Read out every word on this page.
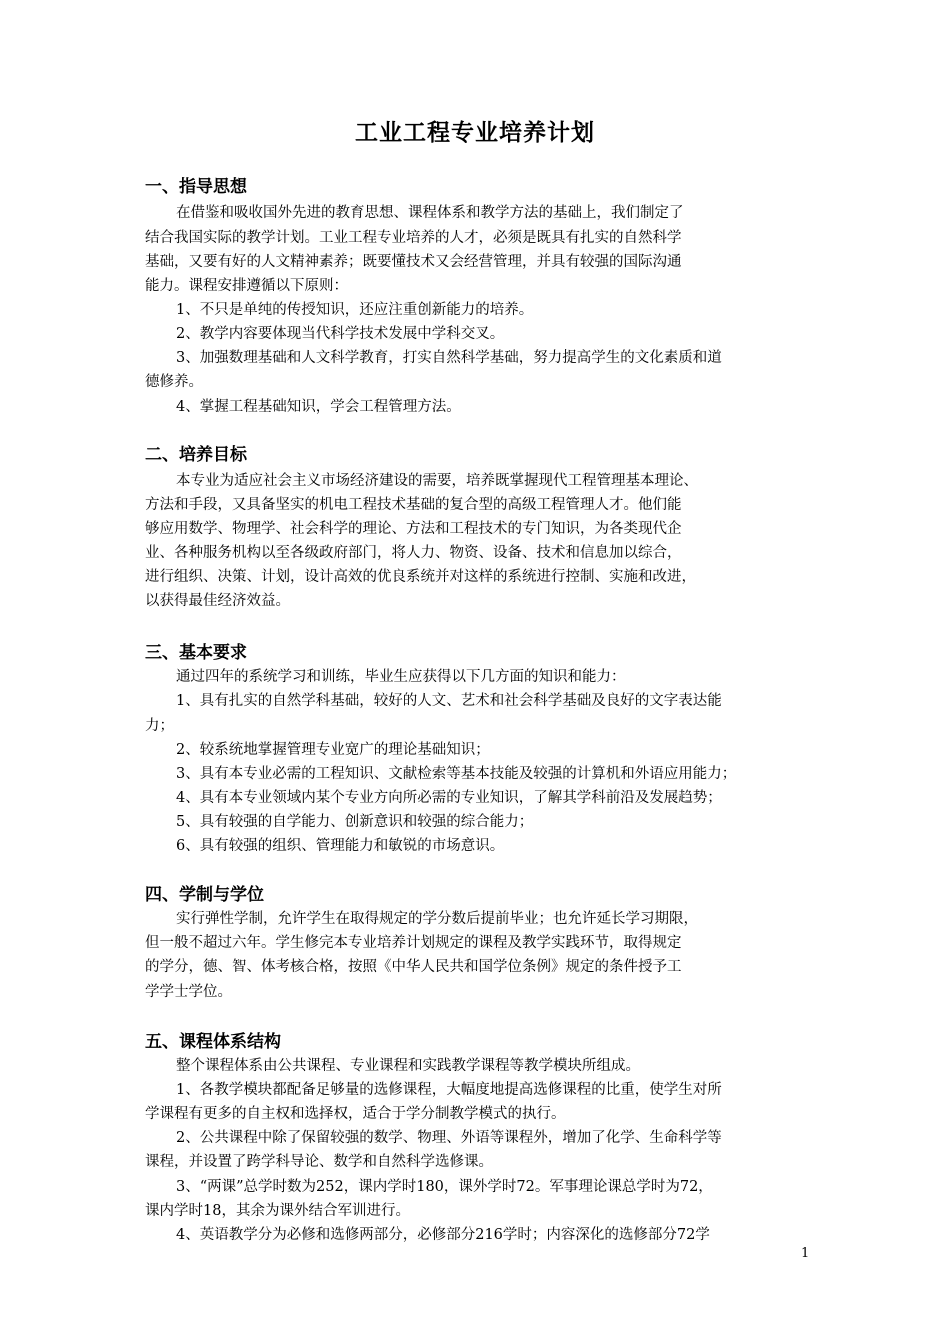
工业工程专业培养计划
一、指导思想

在借鉴和吸收国外先进的教育思想、课程体系和教学方法的基础上，我们制定了

结合我国实际的教学计划。工业工程专业培养的人才，必须是既具有扎实的自然科学

基础，又要有好的人文精神素养；既要懂技术又会经营管理，并具有较强的国际沟通

能力。课程安排遵循以下原则：

1、不只是单纯的传授知识，还应注重创新能力的培养。

2、教学内容要体现当代科学技术发展中学科交叉。

3、加强数理基础和人文科学教育，打实自然科学基础，努力提高学生的文化素质和道

德修养。

4、掌握工程基础知识，学会工程管理方法。

二、培养目标

本专业为适应社会主义市场经济建设的需要，培养既掌握现代工程管理基本理论、

方法和手段，又具备坚实的机电工程技术基础的复合型的高级工程管理人才。他们能

够应用数学、物理学、社会科学的理论、方法和工程技术的专门知识，为各类现代企

业、各种服务机构以至各级政府部门，将人力、物资、设备、技术和信息加以综合，

进行组织、决策、计划，设计高效的优良系统并对这样的系统进行控制、实施和改进，

以获得最佳经济效益。

三、基本要求

通过四年的系统学习和训练，毕业生应获得以下几方面的知识和能力：

1、具有扎实的自然学科基础，较好的人文、艺术和社会科学基础及良好的文字表达能

力；

2、较系统地掌握管理专业宽广的理论基础知识；

3、具有本专业必需的工程知识、文献检索等基本技能及较强的计算机和外语应用能力；

4、具有本专业领域内某个专业方向所必需的专业知识，了解其学科前沿及发展趋势；

5、具有较强的自学能力、创新意识和较强的综合能力；

6、具有较强的组织、管理能力和敏锐的市场意识。

四、学制与学位

实行弹性学制，允许学生在取得规定的学分数后提前毕业；也允许延长学习期限，

但一般不超过六年。学生修完本专业培养计划规定的课程及教学实践环节，取得规定

的学分，德、智、体考核合格，按照《中华人民共和国学位条例》规定的条件授予工

学学士学位。

五、课程体系结构

整个课程体系由公共课程、专业课程和实践教学课程等教学模块所组成。

1、各教学模块都配备足够量的选修课程，大幅度地提高选修课程的比重，使学生对所

学课程有更多的自主权和选择权，适合于学分制教学模式的执行。

2、公共课程中除了保留较强的数学、物理、外语等课程外，增加了化学、生命科学等

课程，并设置了跨学科导论、数学和自然科学选修课。

3、“两课”总学时数为252，课内学时180，课外学时72。军事理论课总学时为72，

课内学时18，其余为课外结合军训进行。

4、英语教学分为必修和选修两部分，必修部分216学时；内容深化的选修部分72学

1
